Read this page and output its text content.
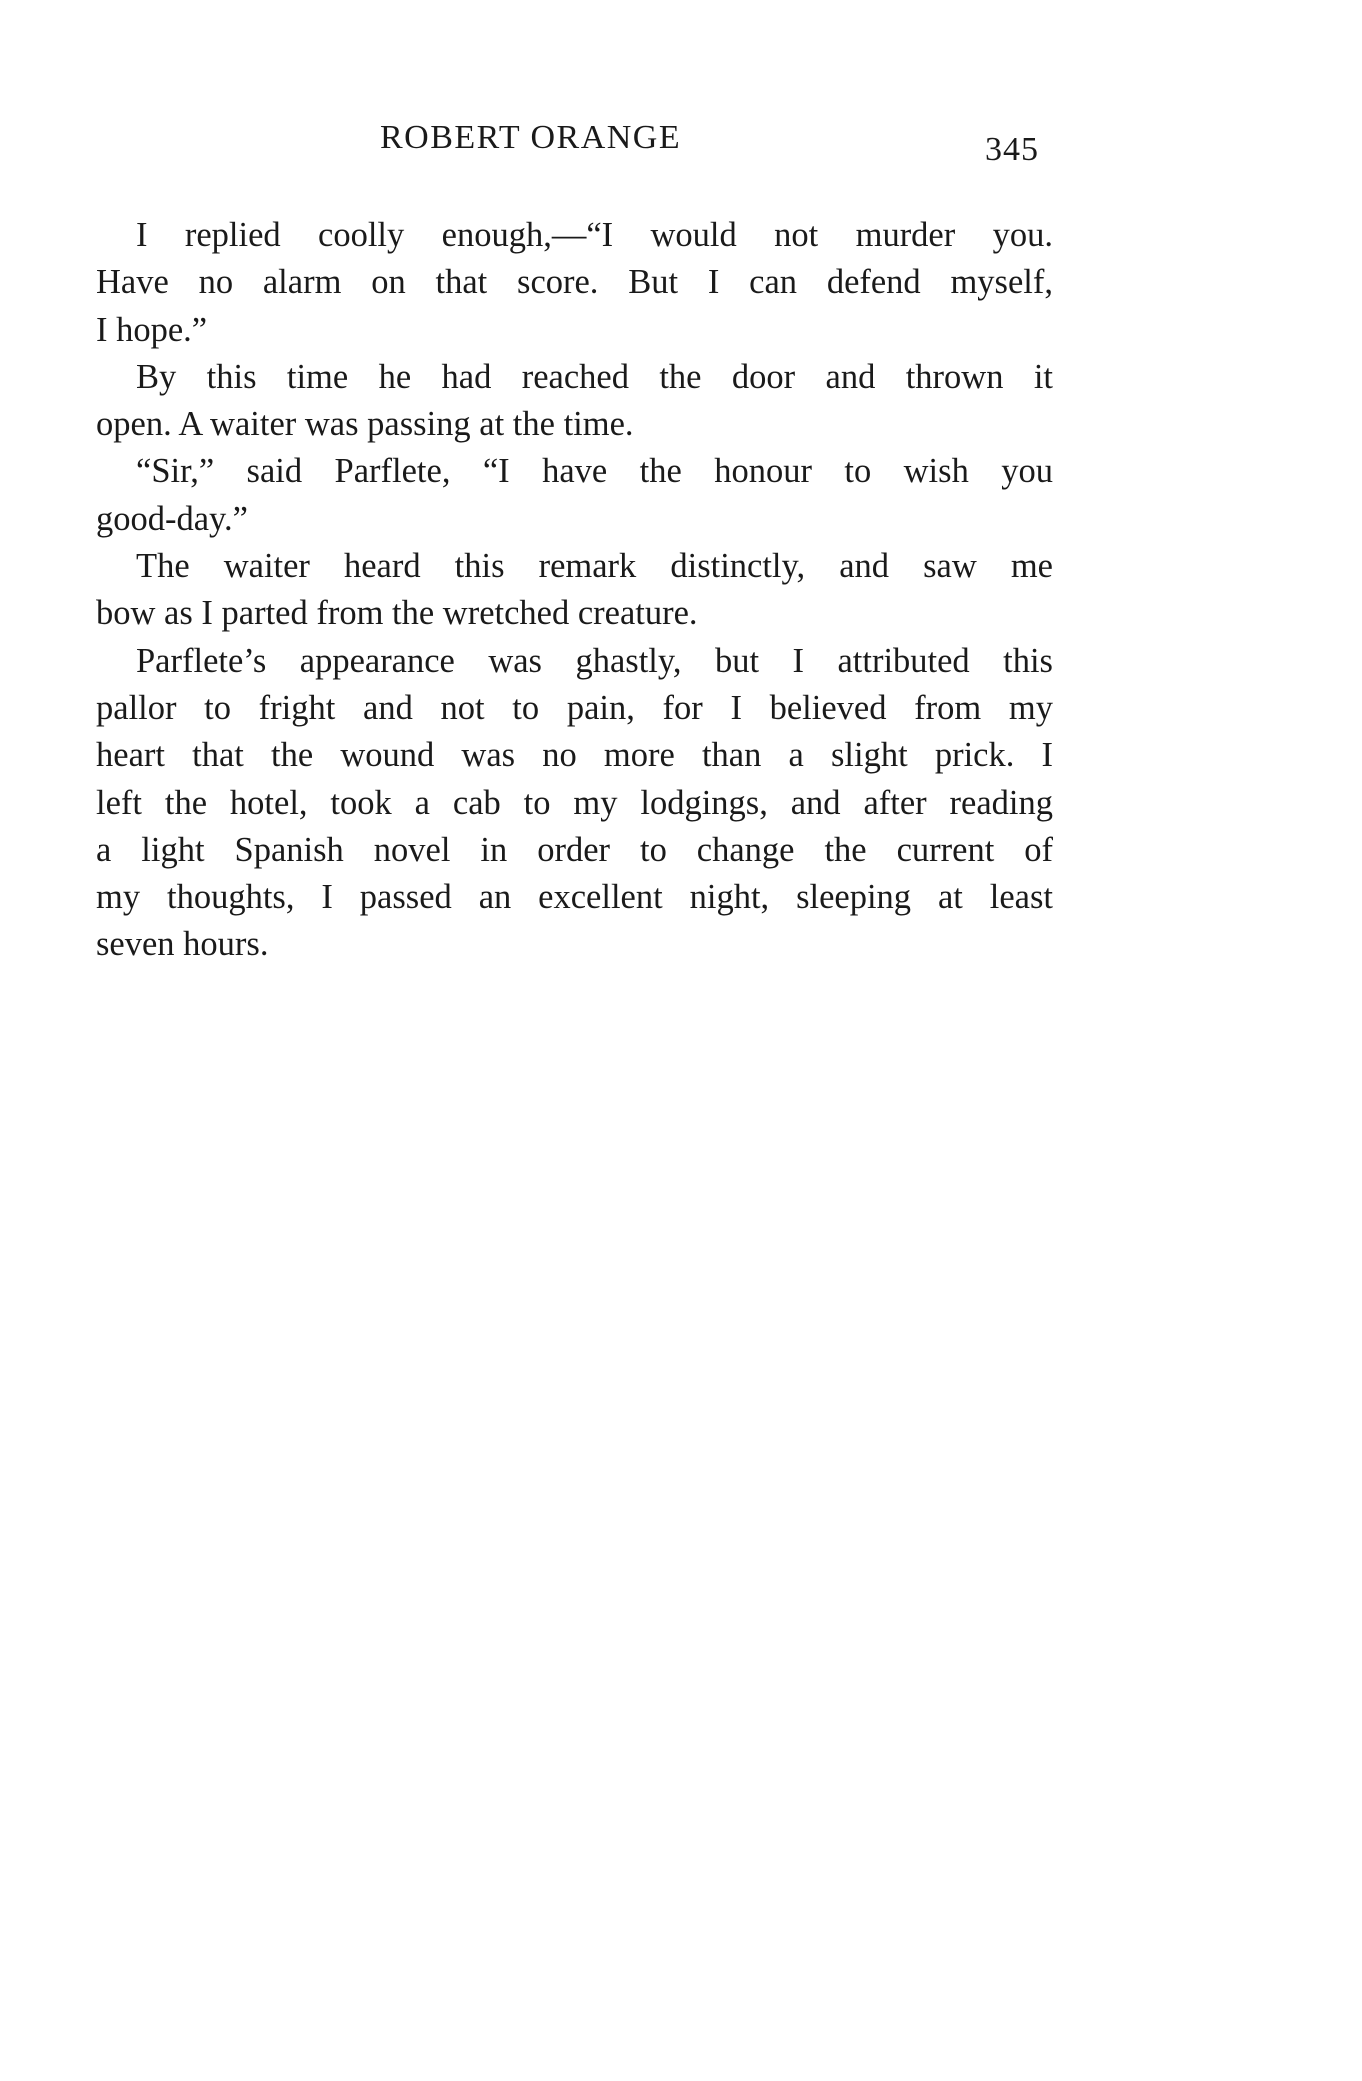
ROBERT ORANGE	345
I replied coolly enough,—“I would not murder you.
Have no alarm on that score. But I can defend myself,
I hope.”
By this time he had reached the door and thrown it
open. A waiter was passing at the time.
“Sir,” said Parflete, “I have the honour to wish you
good-day.”
The waiter heard this remark distinctly, and saw me
bow as I parted from the wretched creature.
Parflete’s appearance was ghastly, but I attributed this
pallor to fright and not to pain, for I believed from my
heart that the wound was no more than a slight prick. I
left the hotel, took a cab to my lodgings, and after reading
a light Spanish novel in order to change the current of
my thoughts, I passed an excellent night, sleeping at least
seven hours.
